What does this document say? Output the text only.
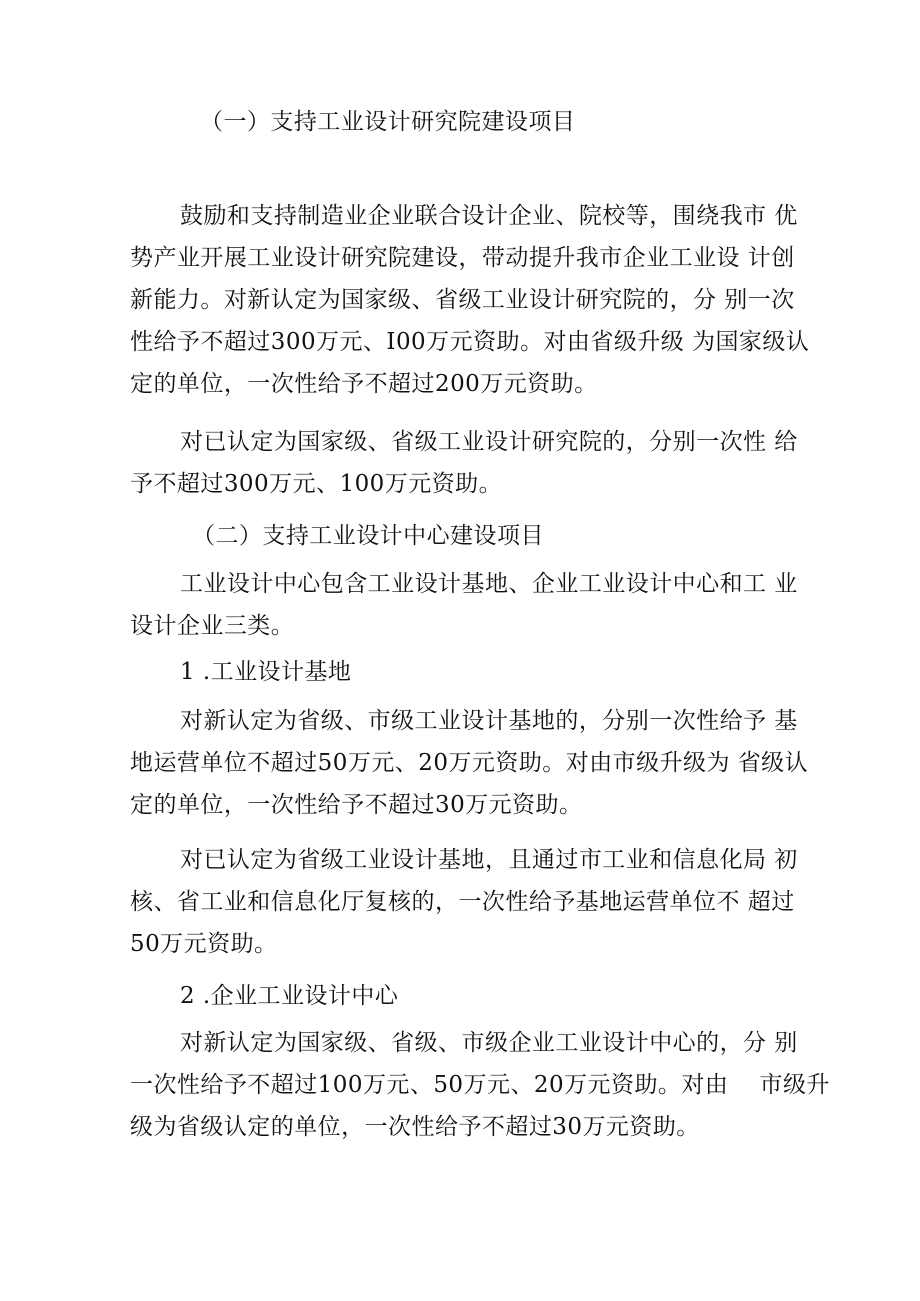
（一）支持工业设计研究院建设项目
鼓励和支持制造业企业联合设计企业、院校等，围绕我市 优
势产业开展工业设计研究院建设，带动提升我市企业工业设 计创
新能力。对新认定为国家级、省级工业设计研究院的，分 别一次
性给予不超过300万元、I00万元资助。对由省级升级 为国家级认
定的单位，一次性给予不超过200万元资助。
对已认定为国家级、省级工业设计研究院的，分别一次性 给
予不超过300万元、100万元资助。
（二）支持工业设计中心建设项目
工业设计中心包含工业设计基地、企业工业设计中心和工 业
设计企业三类。
1 .工业设计基地
对新认定为省级、市级工业设计基地的，分别一次性给予 基
地运营单位不超过50万元、20万元资助。对由市级升级为 省级认
定的单位，一次性给予不超过30万元资助。
对已认定为省级工业设计基地，且通过市工业和信息化局 初
核、省工业和信息化厅复核的，一次性给予基地运营单位不 超过
50万元资助。
2 .企业工业设计中心
对新认定为国家级、省级、市级企业工业设计中心的，分 别
一次性给予不超过100万元、50万元、20万元资助。对由　 市级升
级为省级认定的单位，一次性给予不超过30万元资助。
